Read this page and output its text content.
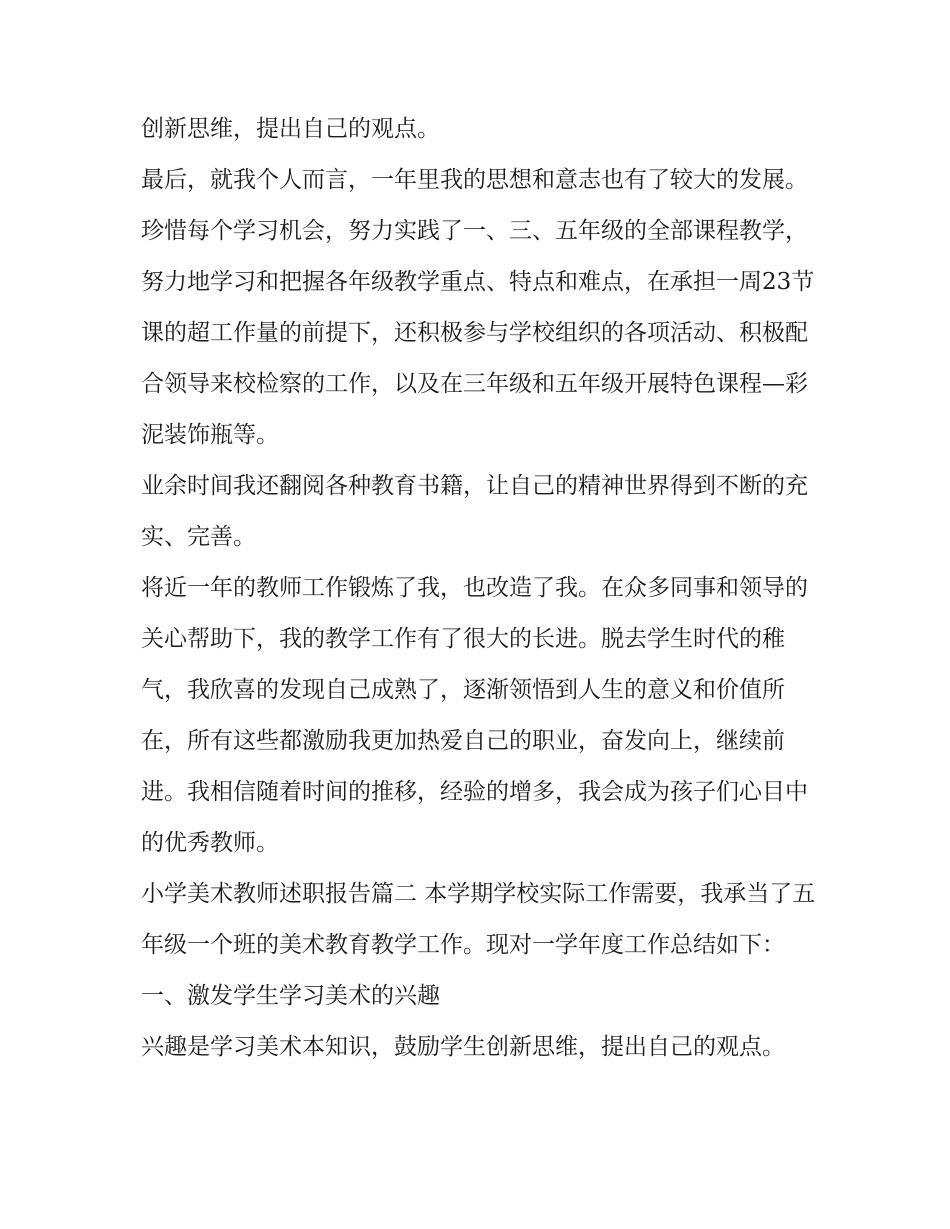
创新思维，提出自己的观点。

最后，就我个人而言，一年里我的思想和意志也有了较大的发展。珍惜每个学习机会，努力实践了一、三、五年级的全部课程教学，努力地学习和把握各年级教学重点、特点和难点，在承担一周23节课的超工作量的前提下，还积极参与学校组织的各项活动、积极配合领导来校检察的工作，以及在三年级和五年级开展特色课程—彩泥装饰瓶等。

业余时间我还翻阅各种教育书籍，让自己的精神世界得到不断的充实、完善。

将近一年的教师工作锻炼了我，也改造了我。在众多同事和领导的关心帮助下，我的教学工作有了很大的长进。脱去学生时代的稚气，我欣喜的发现自己成熟了，逐渐领悟到人生的意义和价值所在，所有这些都激励我更加热爱自己的职业，奋发向上，继续前进。我相信随着时间的推移，经验的增多，我会成为孩子们心目中的优秀教师。

小学美术教师述职报告篇二 本学期学校实际工作需要，我承当了五年级一个班的美术教育教学工作。现对一学年度工作总结如下： 一、激发学生学习美术的兴趣

兴趣是学习美术本知识，鼓励学生创新思维，提出自己的观点。
